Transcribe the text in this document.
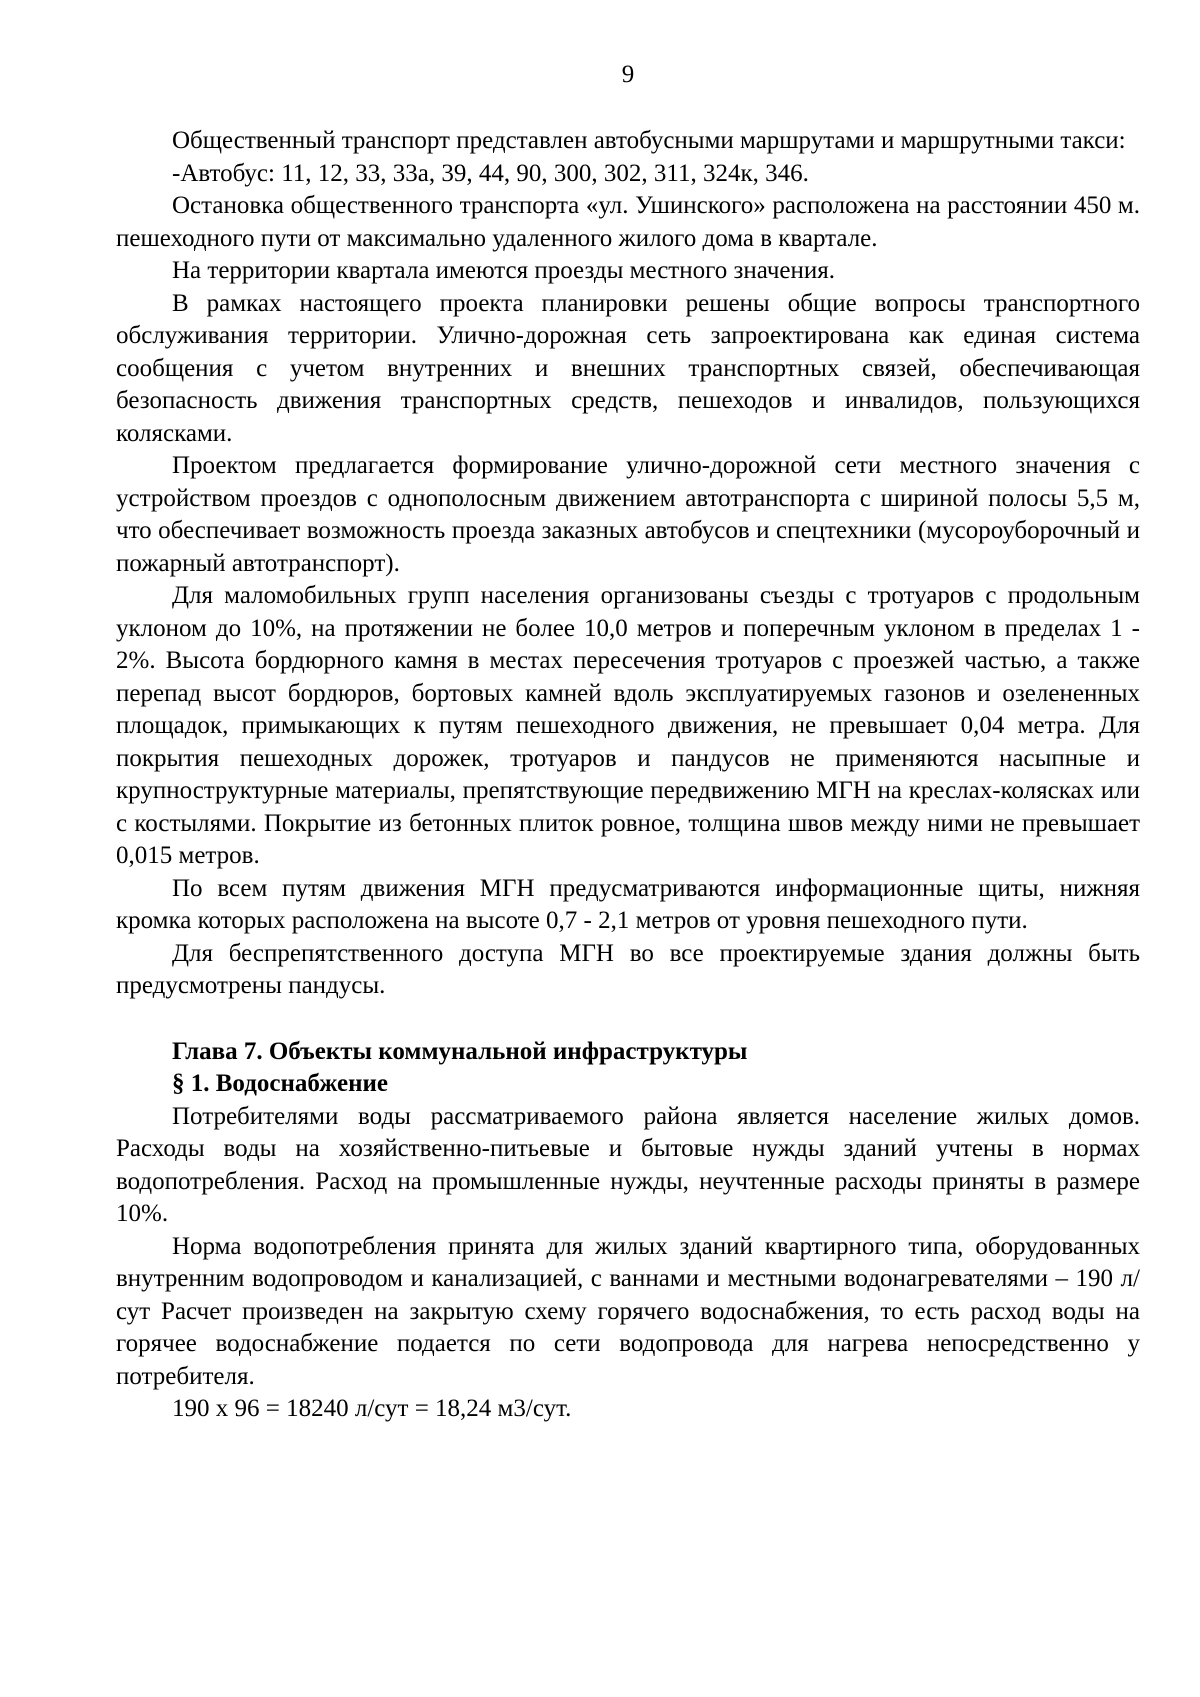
9

Общественный транспорт представлен автобусными маршрутами и маршрутными такси:

-Автобус: 11, 12, 33, 33а, 39, 44, 90, 300, 302, 311, 324к, 346.

Остановка общественного транспорта «ул. Ушинского» расположена на расстоянии 450 м. пешеходного пути от максимально удаленного жилого дома в квартале.

На территории квартала имеются проезды местного значения.

В рамках настоящего проекта планировки решены общие вопросы транспортного обслуживания территории. Улично-дорожная сеть запроектирована как единая система сообщения с учетом внутренних и внешних транспортных связей, обеспечивающая безопасность движения транспортных средств, пешеходов и инвалидов, пользующихся колясками.

Проектом предлагается формирование улично-дорожной сети местного значения с устройством проездов с однополосным движением автотранспорта с шириной полосы 5,5 м, что обеспечивает возможность проезда заказных автобусов и спецтехники (мусороуборочный и пожарный автотранспорт).

Для маломобильных групп населения организованы съезды с тротуаров с продольным уклоном до 10%, на протяжении не более 10,0 метров и поперечным уклоном в пределах 1 - 2%. Высота бордюрного камня в местах пересечения тротуаров с проезжей частью, а также перепад высот бордюров, бортовых камней вдоль эксплуатируемых газонов и озелененных площадок, примыкающих к путям пешеходного движения, не превышает 0,04 метра. Для покрытия пешеходных дорожек, тротуаров и пандусов не применяются насыпные и крупноструктурные материалы, препятствующие передвижению МГН на креслах-колясках или с костылями. Покрытие из бетонных плиток ровное, толщина швов между ними не превышает 0,015 метров.

По всем путям движения МГН предусматриваются информационные щиты, нижняя кромка которых расположена на высоте 0,7 - 2,1 метров от уровня пешеходного пути.

Для беспрепятственного доступа МГН во все проектируемые здания должны быть предусмотрены пандусы.

Глава 7. Объекты коммунальной инфраструктуры

§ 1. Водоснабжение

Потребителями воды рассматриваемого района является население жилых домов. Расходы воды на хозяйственно-питьевые и бытовые нужды зданий учтены в нормах водопотребления. Расход на промышленные нужды, неучтенные расходы приняты в размере 10%.

Норма водопотребления принята для жилых зданий квартирного типа, оборудованных внутренним водопроводом и канализацией, с ваннами и местными водонагревателями – 190 л/сут Расчет произведен на закрытую схему горячего водоснабжения, то есть расход воды на горячее водоснабжение подается по сети водопровода для нагрева непосредственно у потребителя.

190 х 96 = 18240 л/сут = 18,24 м3/сут.
